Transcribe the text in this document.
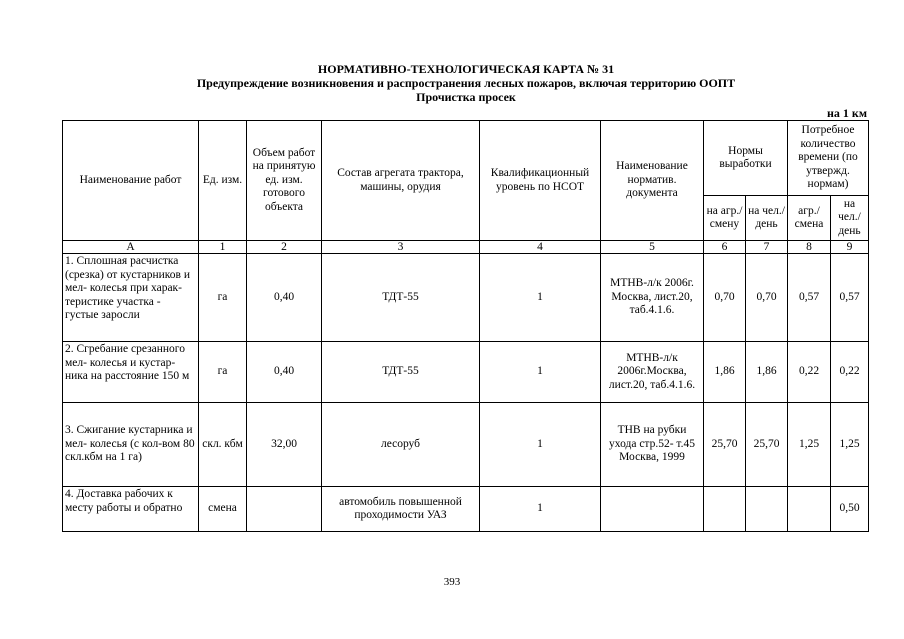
НОРМАТИВНО-ТЕХНОЛОГИЧЕСКАЯ КАРТА № 31
Предупреждение возникновения и распространения лесных пожаров, включая территорию ООПТ
Прочистка просек
на 1 км
Наименование работ	Ед. изм.	Объем работ на принятую ед. изм. готового объекта	Состав агрегата трактора, машины, орудия	Квалификационный уровень по НСОТ	Наименование норматив. документа	Нормы выработки		Потребное количество времени (по утвержд. нормам)	
						на агр./ смену	на чел./ день	агр./ смена	на чел./ день
А	1	2	3	4	5	6	7	8	9
1. Сплошная расчистка (срезка) от кустарников и мел- колесья при харак- теристике участка - густые заросли	га	0,40	ТДТ-55	1	МТНВ-л/к 2006г. Москва, лист.20, таб.4.1.6.	0,70	0,70	0,57	0,57
2. Сгребание срезанного мел- колесья и кустар-ника на расстояние 150 м	га	0,40	ТДТ-55	1	МТНВ-л/к 2006г.Москва, лист.20, таб.4.1.6.	1,86	1,86	0,22	0,22
3. Сжигание кустарника и мел- колесья (с кол-вом 80 скл.кбм на 1 га)	скл. кбм	32,00	лесоруб	1	ТНВ на рубки ухода стр.52- т.45 Москва, 1999	25,70	25,70	1,25	1,25
4. Доставка рабочих к месту работы и обратно	смена		автомобиль повышенной проходимости УАЗ	1					0,50
393
